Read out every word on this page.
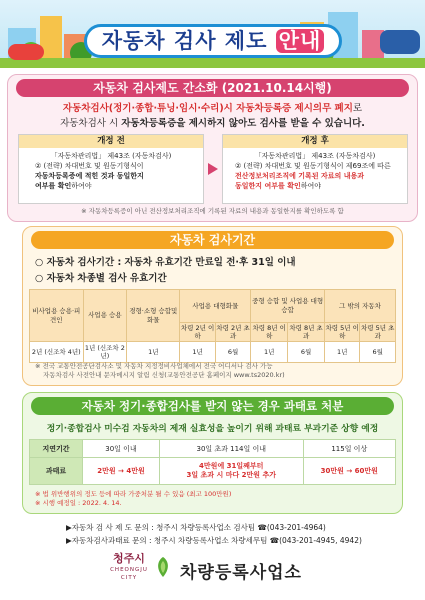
자동차 검사 제도 안내
자동차 검사제도 간소화 (2021.10.14시행)
자동차검사(정기·종합·튜닝·임시·수리)시 자동차등록증 제시의무 폐지로
자동차검사 시 자동차등록증을 제시하지 않아도 검사를 받을 수 있습니다.
개정 전
「자동차관리법」 제43조 (자동차검사)
② (전략) 차대번호 및 원동기형식이
자동차등록증에 적힌 것과 동일한지
여부를 확인하여야
개정 후
「자동차관리법」 제43조 (자동차검사)
② (전략) 차대번호 및 원동기형식이 제69조에 따른
전산정보처리조직에 기록된 자료의 내용과
동일한지 여부를 확인하여야
※ 자동차등록증이 아닌 전산정보처리조직에 기록된 자료의 내용과 동일한지를 확인하도록 함
자동차 검사기간
○ 자동차 검사기간 : 자동차 유효기간 만료일 전·후 31일 이내
○ 자동차 차종별 검사 유효기간
비사업용 승용·피견인	사업용 승용	경형·소형 승합및화물	사업용 대형화물		중형 승합 및 사업용 대형승합		그 밖의 자동차	
			차령 2년 이하	차령 2년 초과	차령 8년 이하	차령 8년 초과	차령 5년 이하	차령 5년 초과
2년 (신조차 4년)	1년 (신조차 2년)	1년	1년	6월	1년	6월	1년	6월
※ 전국 교통안전공단검사소 및 자동차 지정정비사업체에서 전국 어디서나 검사 가능
자동차검사 사전안내 문자메시지 알림 신청(교통안전공단 홈페이지 www.ts2020.kr)
자동차 정기·종합검사를 받지 않는 경우 과태료 처분
정기·종합검사 미수검 자동차의 제재 실효성을 높이기 위해 과태료 부과기준 상향 예정
지연기간	30일 이내	30일 초과 114일 이내	115일 이상
과태료	2만원 → 4만원	4만원에 31일째부터
3일 초과 시 마다 2만원 추가	30만원 → 60만원
※ 법 위반행위의 정도 등에 따라 가중처분 될 수 있음 (최고 100만원)
※ 시행 예정일 : 2022. 4. 14.
▶자동차 검 사 제 도 문의 : 청주시 차량등록사업소 검사팀 ☎(043-201-4964)
▶자동차검사과태료 문의 : 청주시 차량등록사업소 차량세무팀 ☎(043-201-4945, 4942)
청주시
CHEONGJU CITY	차량등록사업소
